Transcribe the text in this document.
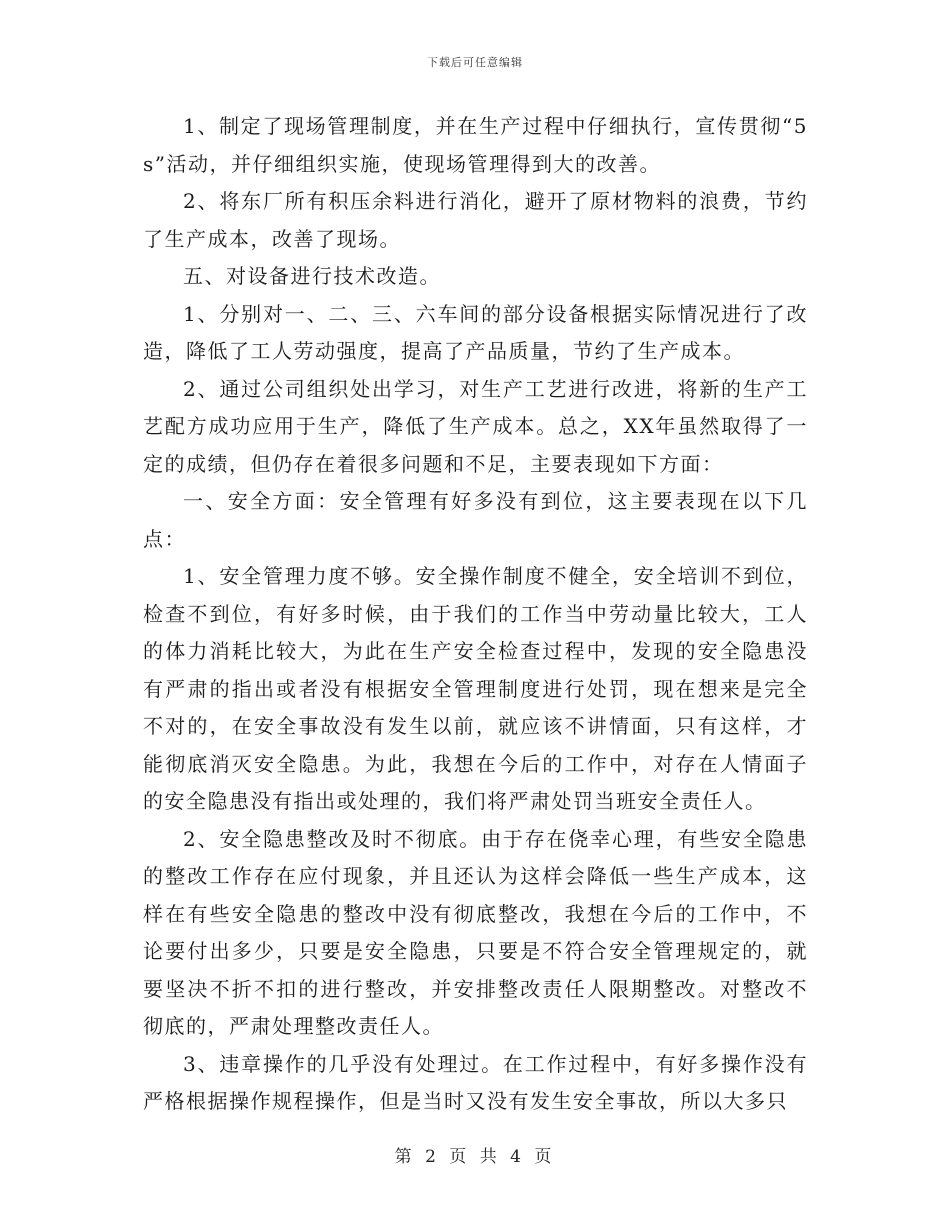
下载后可任意编辑

1、制定了现场管理制度，并在生产过程中仔细执行，宣传贯彻“5s”活动，并仔细组织实施，使现场管理得到大的改善。

2、将东厂所有积压余料进行消化，避开了原材物料的浪费，节约了生产成本，改善了现场。

五、对设备进行技术改造。

1、分别对一、二、三、六车间的部分设备根据实际情况进行了改造，降低了工人劳动强度，提高了产品质量，节约了生产成本。

2、通过公司组织处出学习，对生产工艺进行改进，将新的生产工艺配方成功应用于生产，降低了生产成本。总之，XX年虽然取得了一定的成绩，但仍存在着很多问题和不足，主要表现如下方面：

一、安全方面：安全管理有好多没有到位，这主要表现在以下几点：

1、安全管理力度不够。安全操作制度不健全，安全培训不到位，检查不到位，有好多时候，由于我们的工作当中劳动量比较大，工人的体力消耗比较大，为此在生产安全检查过程中，发现的安全隐患没有严肃的指出或者没有根据安全管理制度进行处罚，现在想来是完全不对的，在安全事故没有发生以前，就应该不讲情面，只有这样，才能彻底消灭安全隐患。为此，我想在今后的工作中，对存在人情面子的安全隐患没有指出或处理的，我们将严肃处罚当班安全责任人。

2、安全隐患整改及时不彻底。由于存在侥幸心理，有些安全隐患的整改工作存在应付现象，并且还认为这样会降低一些生产成本，这样在有些安全隐患的整改中没有彻底整改，我想在今后的工作中，不论要付出多少，只要是安全隐患，只要是不符合安全管理规定的，就要坚决不折不扣的进行整改，并安排整改责任人限期整改。对整改不彻底的，严肃处理整改责任人。

3、违章操作的几乎没有处理过。在工作过程中，有好多操作没有严格根据操作规程操作，但是当时又没有发生安全事故，所以大多只

第 2 页 共 4 页
